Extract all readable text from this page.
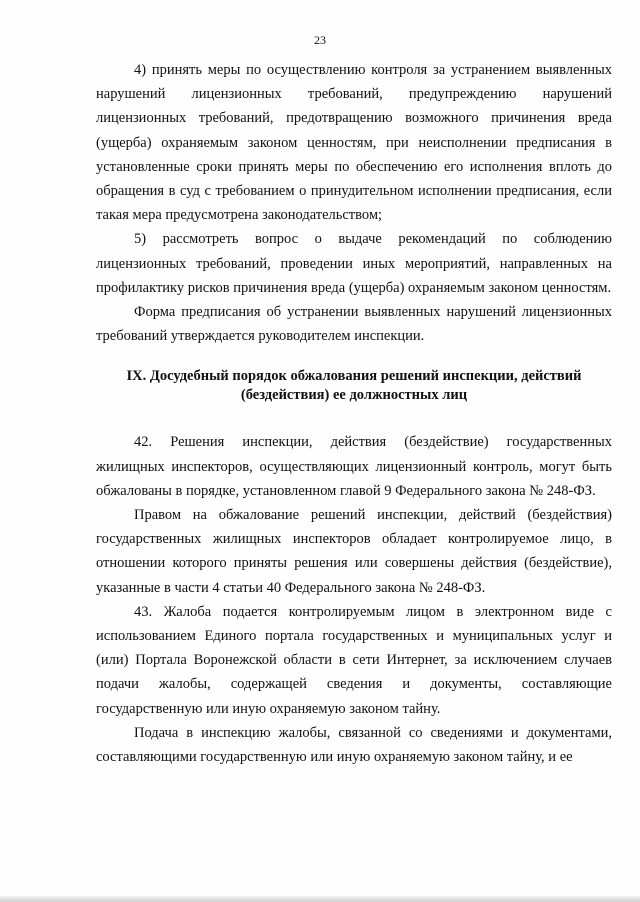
23

4) принять меры по осуществлению контроля за устранением выявленных нарушений лицензионных требований, предупреждению нарушений лицензионных требований, предотвращению возможного причинения вреда (ущерба) охраняемым законом ценностям, при неисполнении предписания в установленные сроки принять меры по обеспечению его исполнения вплоть до обращения в суд с требованием о принудительном исполнении предписания, если такая мера предусмотрена законодательством;

5) рассмотреть вопрос о выдаче рекомендаций по соблюдению лицензионных требований, проведении иных мероприятий, направленных на профилактику рисков причинения вреда (ущерба) охраняемым законом ценностям.

Форма предписания об устранении выявленных нарушений лицензионных требований утверждается руководителем инспекции.

IX. Досудебный порядок обжалования решений инспекции, действий (бездействия) ее должностных лиц

42. Решения инспекции, действия (бездействие) государственных жилищных инспекторов, осуществляющих лицензионный контроль, могут быть обжалованы в порядке, установленном главой 9 Федерального закона № 248-ФЗ.

Правом на обжалование решений инспекции, действий (бездействия) государственных жилищных инспекторов обладает контролируемое лицо, в отношении которого приняты решения или совершены действия (бездействие), указанные в части 4 статьи 40 Федерального закона № 248-ФЗ.

43. Жалоба подается контролируемым лицом в электронном виде с использованием Единого портала государственных и муниципальных услуг и (или) Портала Воронежской области в сети Интернет, за исключением случаев подачи жалобы, содержащей сведения и документы, составляющие государственную или иную охраняемую законом тайну.

Подача в инспекцию жалобы, связанной со сведениями и документами, составляющими государственную или иную охраняемую законом тайну, и ее
